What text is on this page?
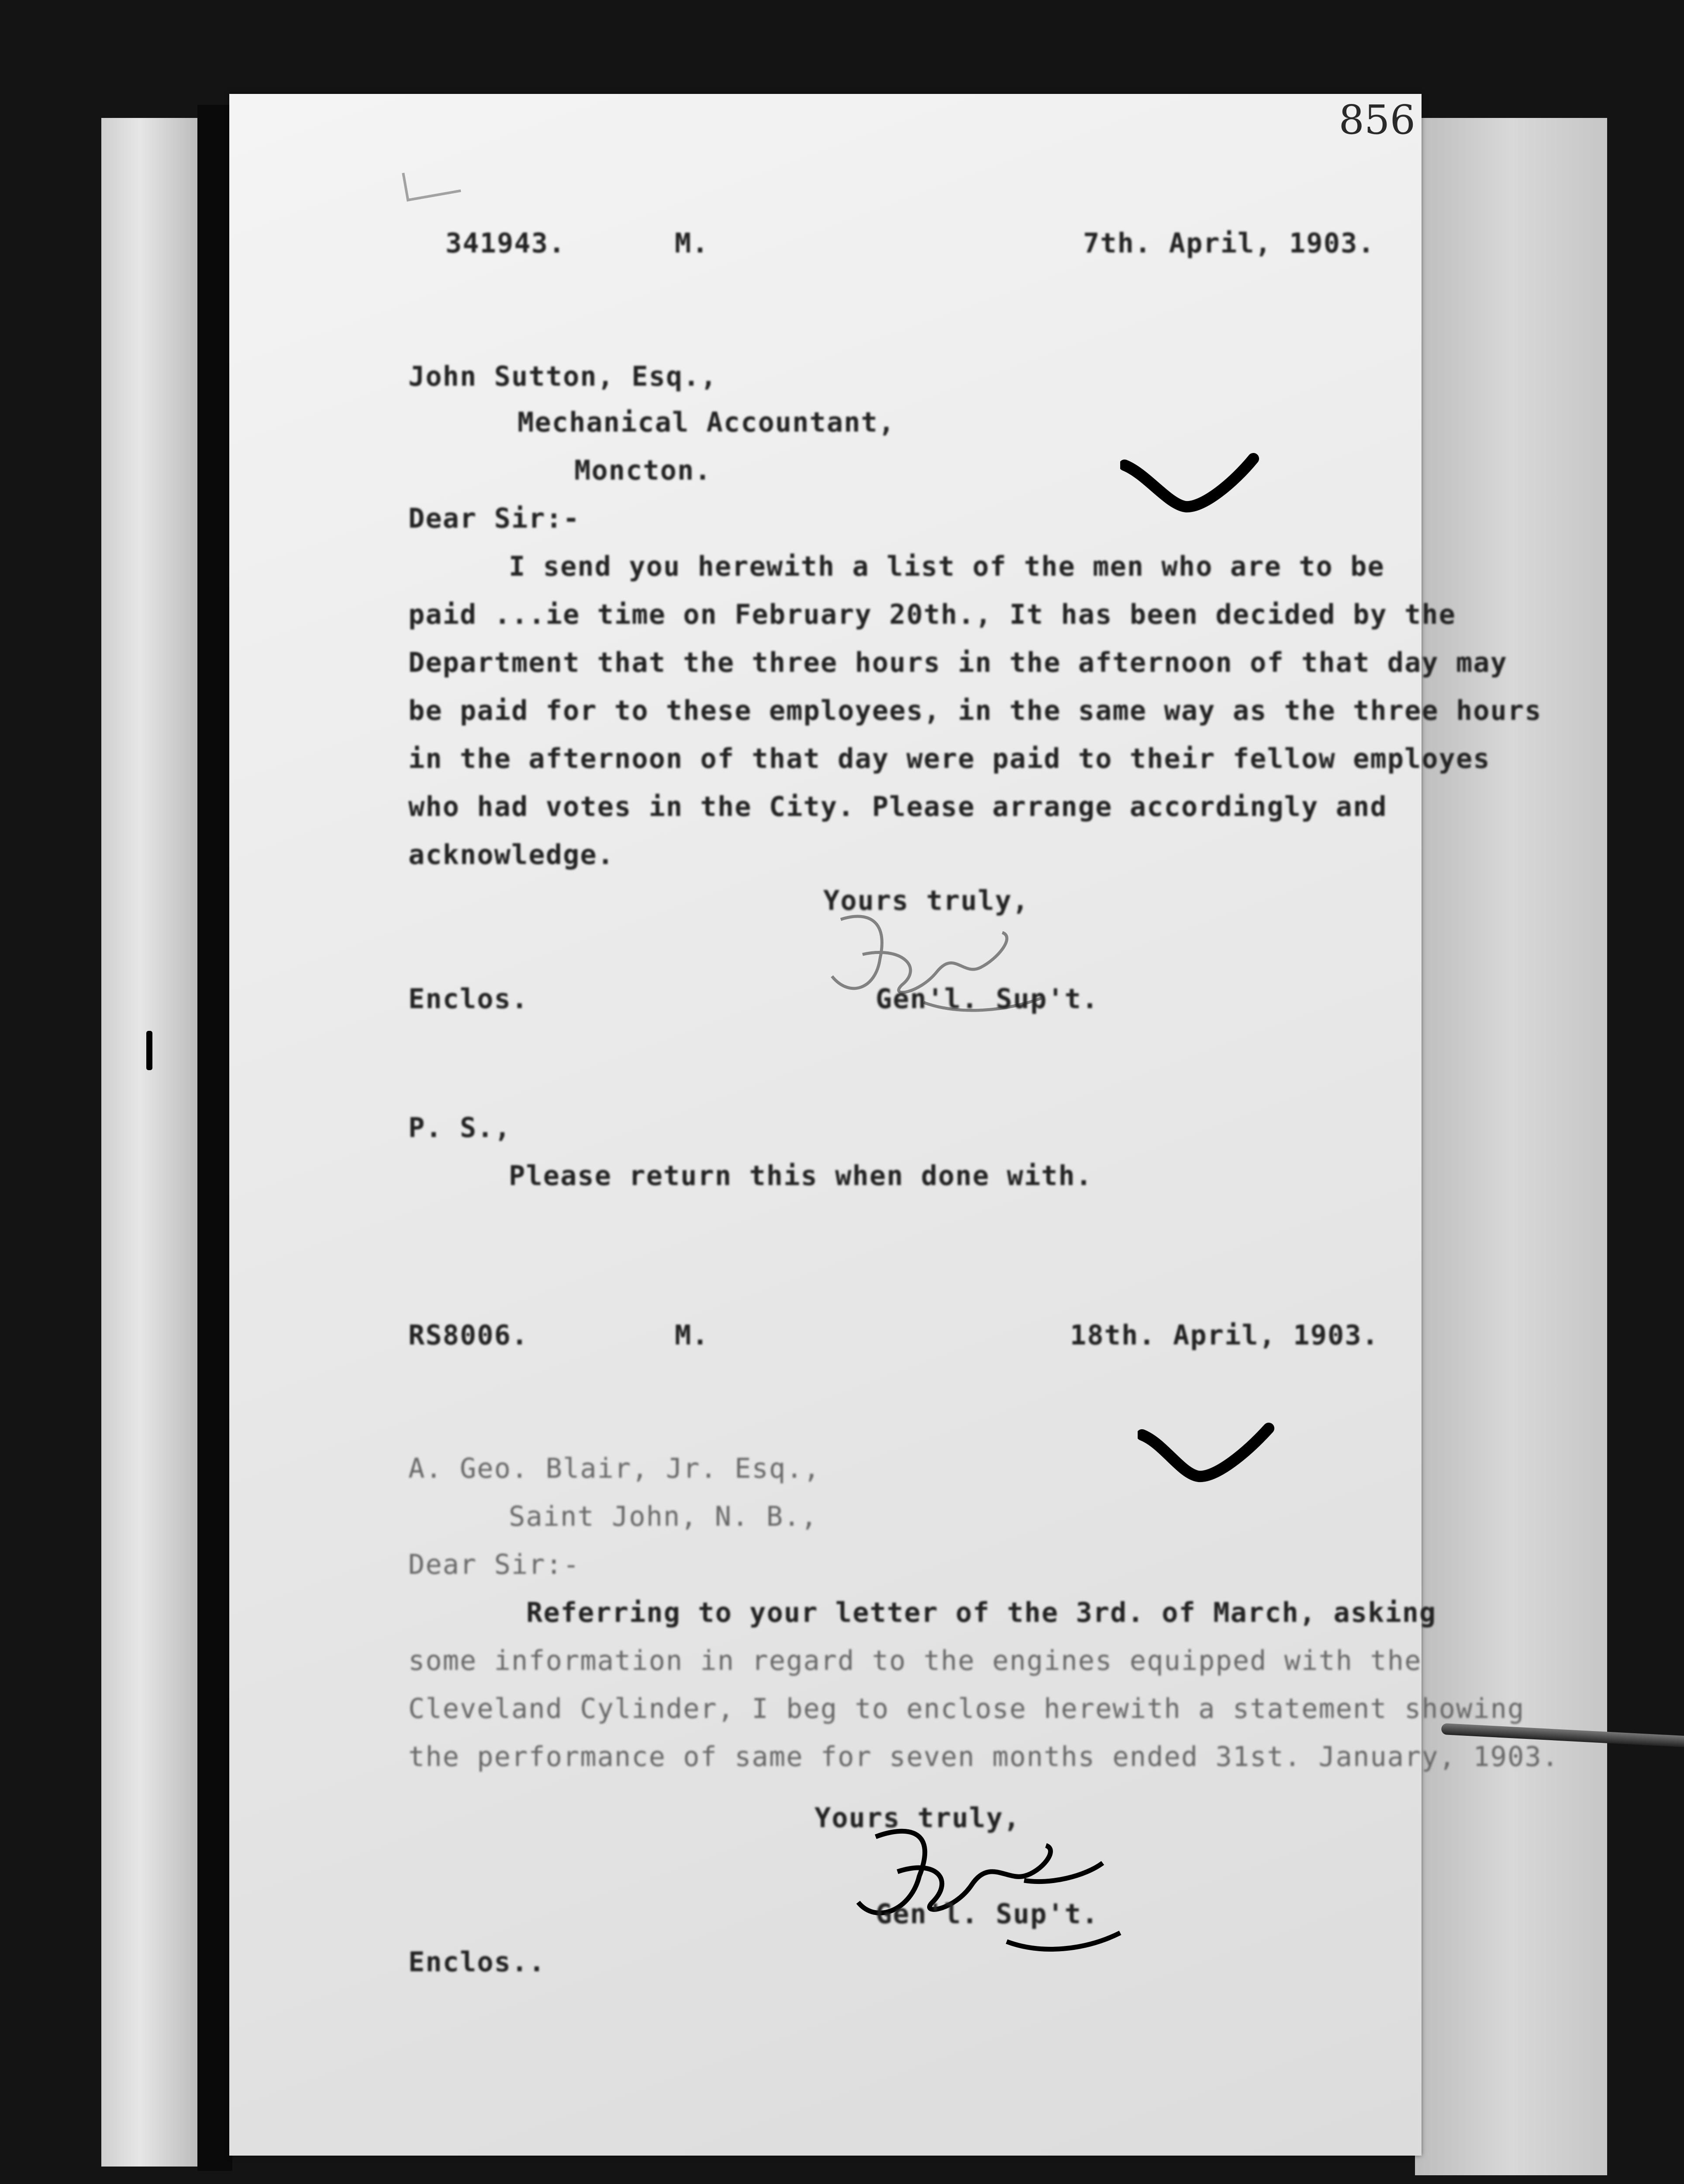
856
341943.	M.	7th. April, 1903.
John Sutton, Esq.,
Mechanical Accountant,
Moncton.
Dear Sir:-
I send you herewith a list of the men who are to be
paid ...ie time on February 20th., It has been decided by the
Department that the three hours in the afternoon of that day may
be paid for to these employees, in the same way as the three hours
in the afternoon of that day were paid to their fellow employes
who had votes in the City. Please arrange accordingly and
acknowledge.
Yours truly,
Enclos.	Gen'l. Sup't.
P. S.,
Please return this when done with.
RS8006.	M.	18th. April, 1903.
A. Geo. Blair, Jr. Esq.,
Saint John, N. B.,
Dear Sir:-
Referring to your letter of the 3rd. of March, asking
some information in regard to the engines equipped with the
Cleveland Cylinder, I beg to enclose herewith a statement showing
the performance of same for seven months ended 31st. January, 1903.
Yours truly,
Gen'l. Sup't.
Enclos..
